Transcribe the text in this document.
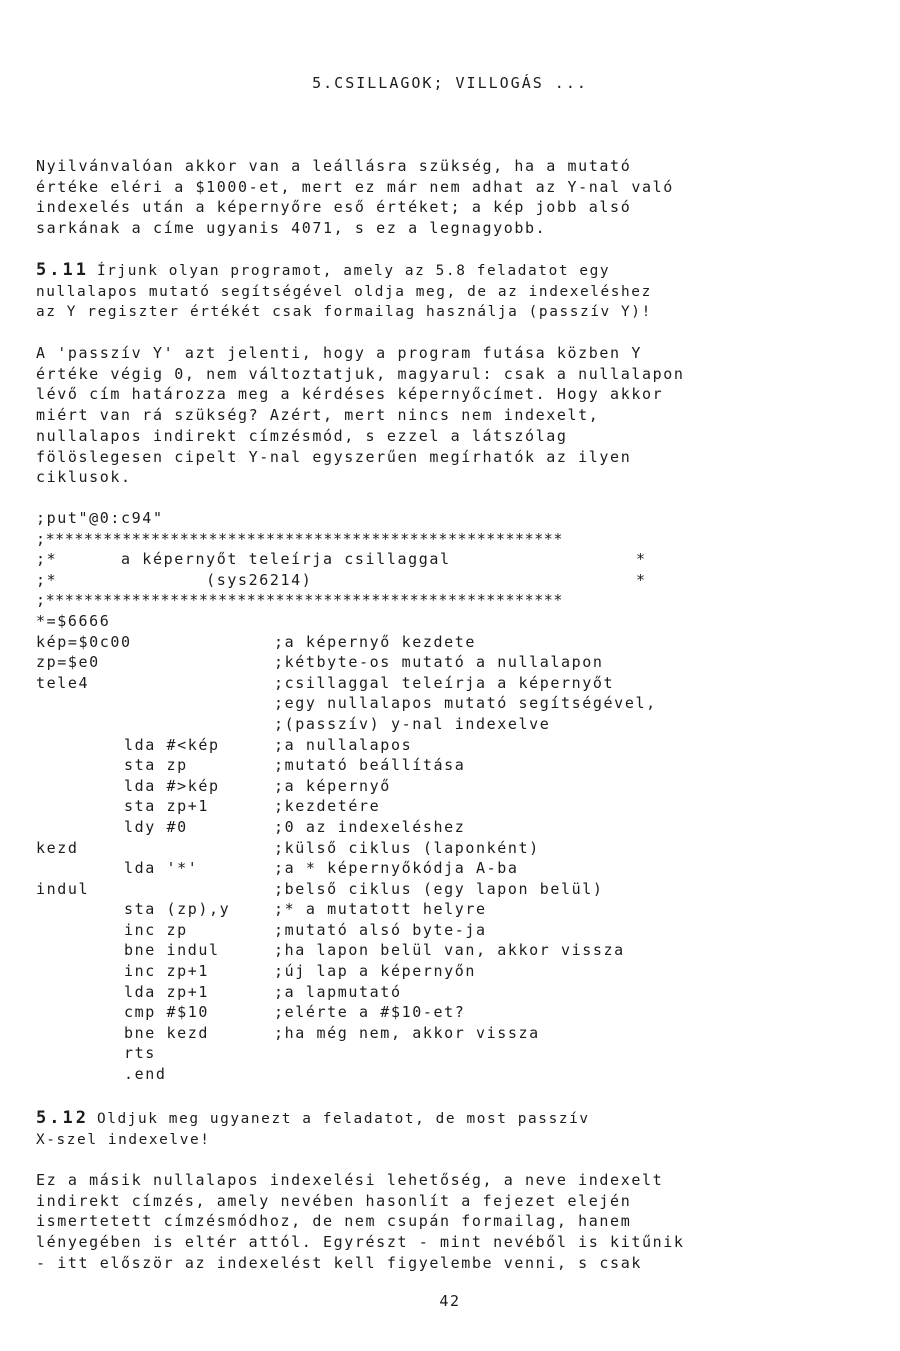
5.CSILLAGOK; VILLOGÁS ...
Nyilvánvalóan akkor van a leállásra szükség, ha a mutató
értéke eléri a $1000-et, mert ez már nem adhat az Y-nal való
indexelés után a képernyőre eső értéket; a kép jobb alsó
sarkának a címe ugyanis 4071, s ez a legnagyobb.
5.11 Írjunk olyan programot, amely az 5.8 feladatot egy
nullalapos mutató segítségével oldja meg, de az indexeléshez
az Y regiszter értékét csak formailag használja (passzív Y)!
A 'passzív Y' azt jelenti, hogy a program futása közben Y
értéke végig 0, nem változtatjuk, magyarul: csak a nullalapon
lévő cím határozza meg a kérdéses képernyőcímet. Hogy akkor
miért van rá szükség? Azért, mert nincs nem indexelt,
nullalapos indirekt címzésmód, s ezzel a látszólag
fölöslegesen cipelt Y-nal egyszerűen megírhatók az ilyen
ciklusok.
;put"@0:c94"
;******************************************************
;*      a képernyőt teleírja csillaggal	*
;*              (sys26214)	*
;******************************************************
*=$6666
kép=$0c00	;a képernyő kezdete
zp=$e0	;kétbyte-os mutató a nullalapon
tele4	;csillaggal teleírja a képernyőt
;egy nullalapos mutató segítségével,
;(passzív) y-nal indexelve
lda #<kép	;a nullalapos
sta zp	;mutató beállítása
lda #>kép	;a képernyő
sta zp+1	;kezdetére
ldy #0	;0 az indexeléshez
kezd	;külső ciklus (laponként)
lda '*'	;a * képernyőkódja A-ba
indul	;belső ciklus (egy lapon belül)
sta (zp),y	;* a mutatott helyre
inc zp	;mutató alsó byte-ja
bne indul	;ha lapon belül van, akkor vissza
inc zp+1	;új lap a képernyőn
lda zp+1	;a lapmutató
cmp #$10	;elérte a #$10-et?
bne kezd	;ha még nem, akkor vissza
rts
.end
5.12 Oldjuk meg ugyanezt a feladatot, de most passzív
X-szel indexelve!
Ez a másik nullalapos indexelési lehetőség, a neve indexelt
indirekt címzés, amely nevében hasonlít a fejezet elején
ismertetett címzésmódhoz, de nem csupán formailag, hanem
lényegében is eltér attól. Egyrészt - mint nevéből is kitűnik
- itt először az indexelést kell figyelembe venni, s csak
42
